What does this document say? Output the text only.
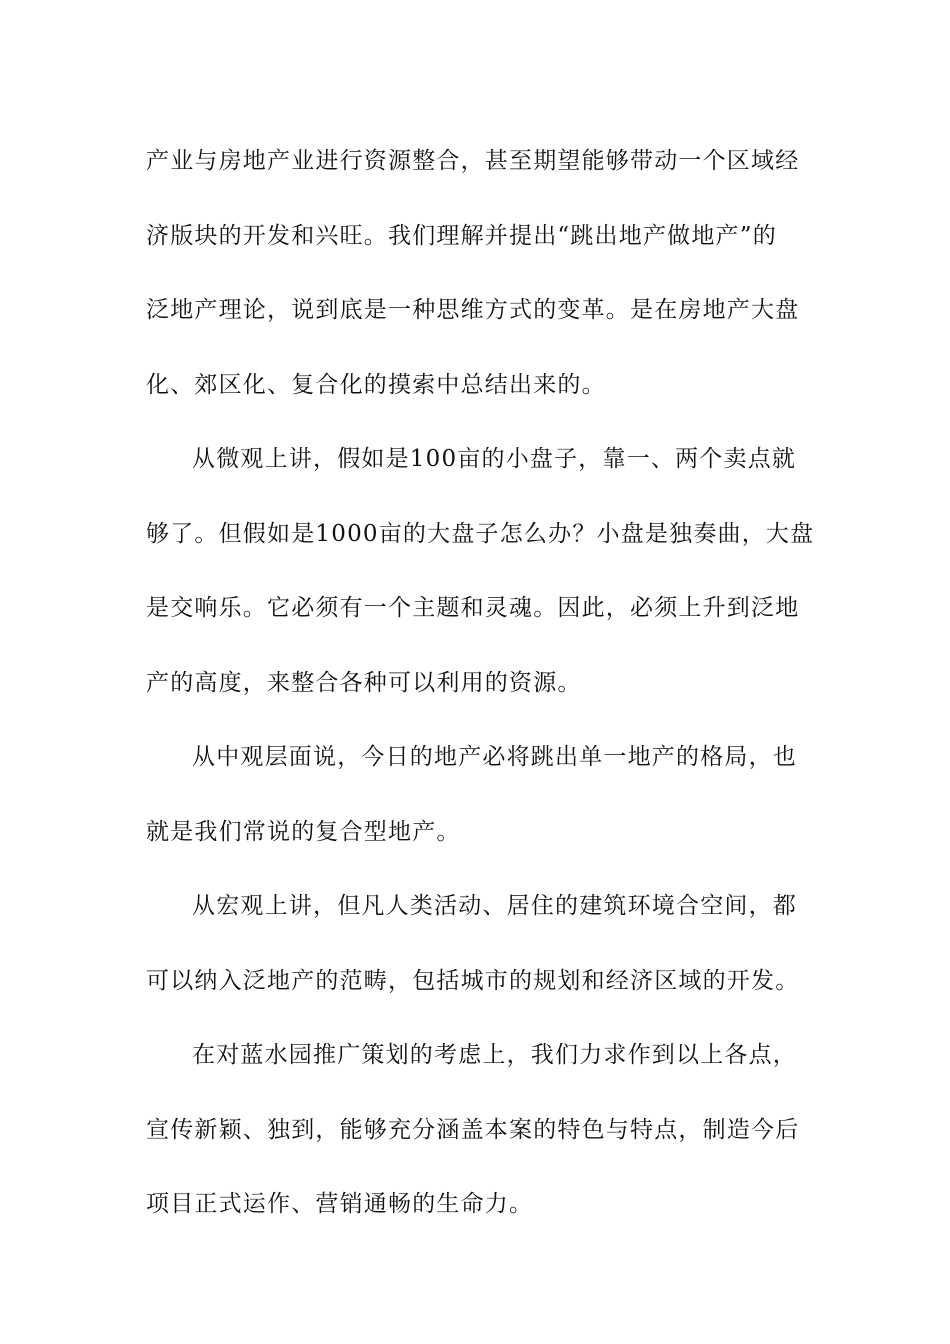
产业与房地产业进行资源整合，甚至期望能够带动一个区域经
济版块的开发和兴旺。我们理解并提出“跳出地产做地产”的
泛地产理论，说到底是一种思维方式的变革。是在房地产大盘
化、郊区化、复合化的摸索中总结出来的。
从微观上讲，假如是100亩的小盘子，靠一、两个卖点就
够了。但假如是1000亩的大盘子怎么办？小盘是独奏曲，大盘
是交响乐。它必须有一个主题和灵魂。因此，必须上升到泛地
产的高度，来整合各种可以利用的资源。
从中观层面说，今日的地产必将跳出单一地产的格局，也
就是我们常说的复合型地产。
从宏观上讲，但凡人类活动、居住的建筑环境合空间，都
可以纳入泛地产的范畴，包括城市的规划和经济区域的开发。
在对蓝水园推广策划的考虑上，我们力求作到以上各点，
宣传新颖、独到，能够充分涵盖本案的特色与特点，制造今后
项目正式运作、营销通畅的生命力。
